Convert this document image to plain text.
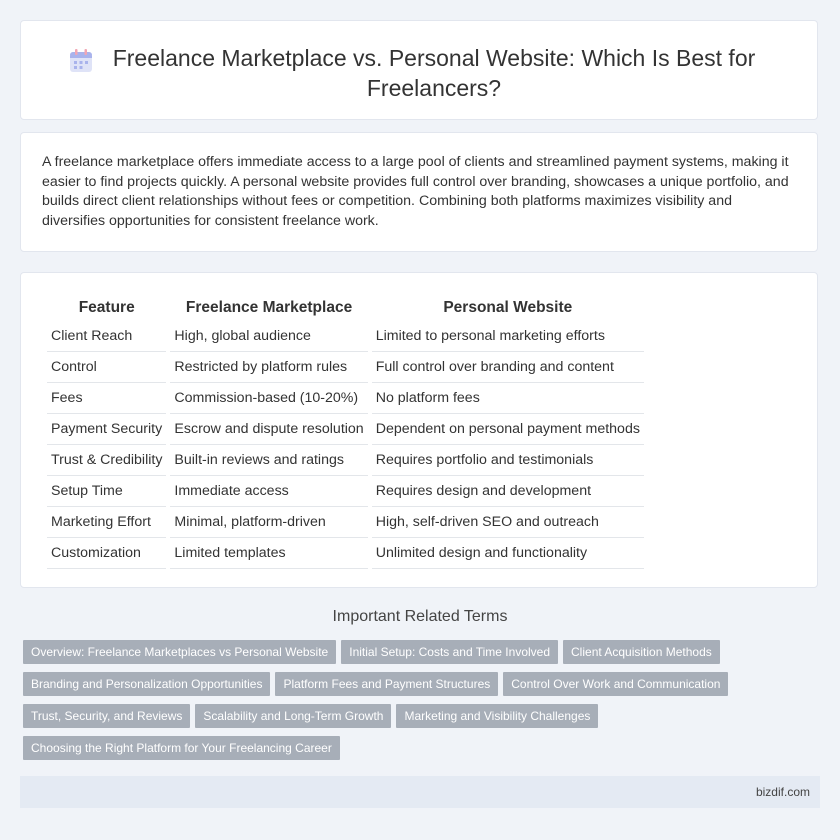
Freelance Marketplace vs. Personal Website: Which Is Best for Freelancers?
A freelance marketplace offers immediate access to a large pool of clients and streamlined payment systems, making it easier to find projects quickly. A personal website provides full control over branding, showcases a unique portfolio, and builds direct client relationships without fees or competition. Combining both platforms maximizes visibility and diversifies opportunities for consistent freelance work.
Feature	Freelance Marketplace	Personal Website
Client Reach	High, global audience	Limited to personal marketing efforts
Control	Restricted by platform rules	Full control over branding and content
Fees	Commission-based (10-20%)	No platform fees
Payment Security	Escrow and dispute resolution	Dependent on personal payment methods
Trust & Credibility	Built-in reviews and ratings	Requires portfolio and testimonials
Setup Time	Immediate access	Requires design and development
Marketing Effort	Minimal, platform-driven	High, self-driven SEO and outreach
Customization	Limited templates	Unlimited design and functionality
Important Related Terms
Overview: Freelance Marketplaces vs Personal Website Initial Setup: Costs and Time Involved Client Acquisition Methods
Branding and Personalization Opportunities Platform Fees and Payment Structures Control Over Work and Communication
Trust, Security, and Reviews Scalability and Long-Term Growth Marketing and Visibility Challenges
Choosing the Right Platform for Your Freelancing Career
bizdif.com
